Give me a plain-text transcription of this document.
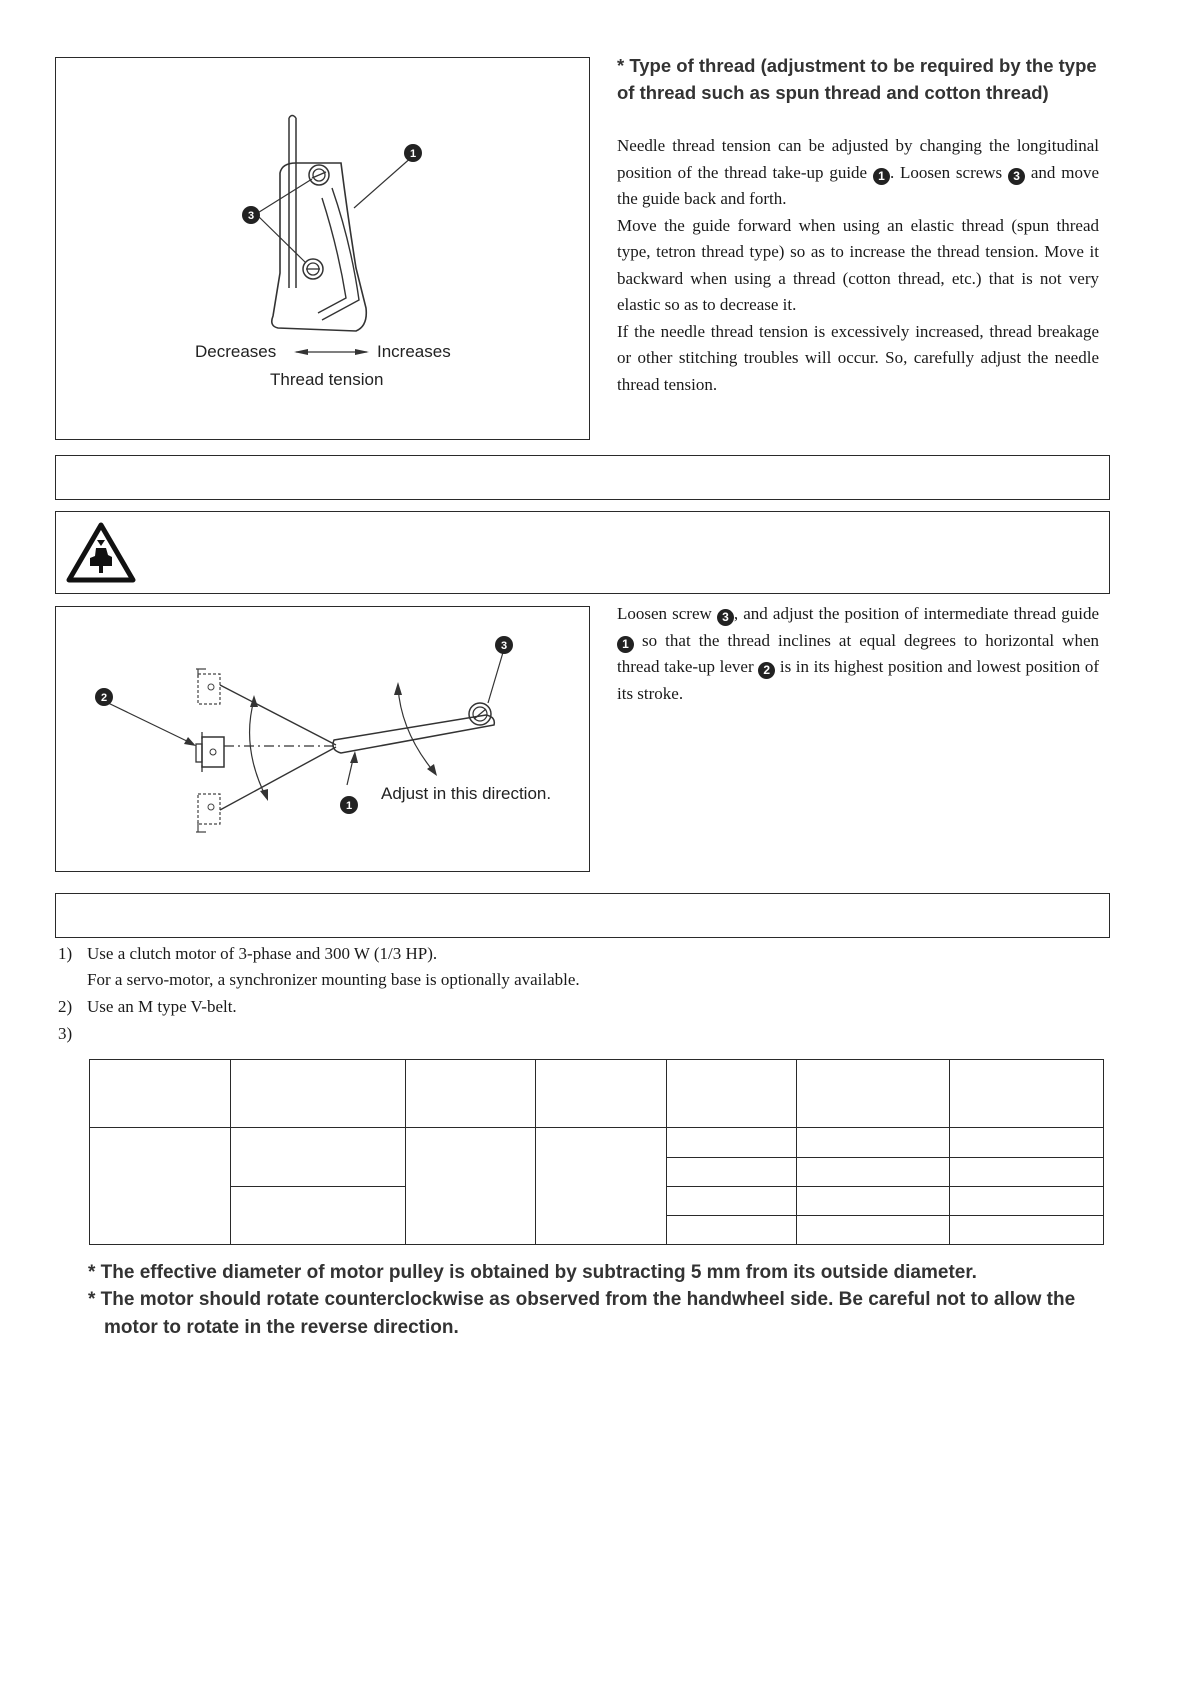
1
3
Decreases	Increases
Thread tension
* Type of thread (adjustment to be required by the type of thread such as spun thread and cotton thread)
Needle thread tension can be adjusted by changing the longitudinal position of the thread take-up guide 1 . Loosen screws 3 and move the guide back and forth.
Move the guide forward when using an elastic thread (spun thread type, tetron thread type) so as to increase the thread tension. Move it backward when using a thread (cotton thread, etc.) that is not very elastic so as to decrease it.
If the needle thread tension is excessively increased, thread breakage or other stitching troubles will occur. So, carefully adjust the needle thread tension.
2
3
1
Adjust in this direction.
Loosen screw 3 , and adjust the position of intermediate thread guide 1 so that the thread inclines at equal degrees to horizontal when thread take-up lever 2 is in its highest position and lowest position of its stroke.
1) Use a clutch motor of 3-phase and 300 W (1/3 HP).
For a servo-motor, a synchronizer mounting base is optionally available.
2) Use an M type V-belt.
3)

* The effective diameter of motor pulley is obtained by subtracting 5 mm from its outside diameter.
* The motor should rotate counterclockwise as observed from the handwheel side. Be careful not to allow the motor to rotate in the reverse direction.
